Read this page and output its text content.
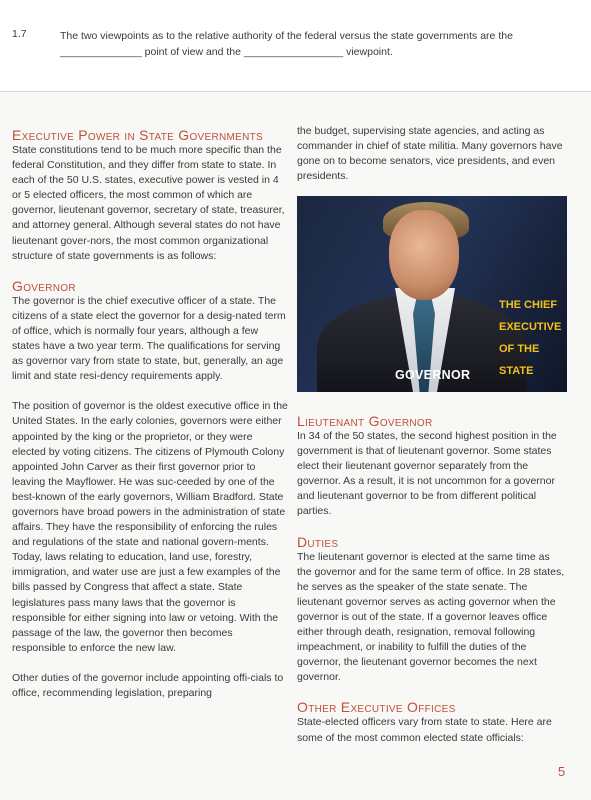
1.7	The two viewpoints as to the relative authority of the federal versus the state governments are the ______________ point of view and the _________________ viewpoint.
Executive Power in State Governments

State constitutions tend to be much more specific than the federal Constitution, and they differ from state to state. In each of the 50 U.S. states, executive power is vested in 4 or 5 elected officers, the most common of which are governor, lieutenant governor, secretary of state, treasurer, and attorney general. Although several states do not have lieutenant gover-nors, the most common organizational structure of state governments is as follows:

Governor

The governor is the chief executive officer of a state. The citizens of a state elect the governor for a desig-nated term of office, which is normally four years, although a few states have a two year term. The qualifications for serving as governor vary from state to state, but, generally, an age limit and state resi-dency requirements apply.

The position of governor is the oldest executive office in the United States. In the early colonies, governors were either appointed by the king or the proprietor, or they were elected by voting citizens. The citizens of Plymouth Colony appointed John Carver as their first governor prior to leaving the Mayflower. He was suc-ceeded by one of the best-known of the early governors, William Bradford. State governors have broad powers in the administration of state affairs. They have the responsibility of enforcing the rules and regulations of the state and national govern-ments. Today, laws relating to education, land use, forestry, immigration, and water use are just a few examples of the bills passed by Congress that affect a state. State legislatures pass many laws that the governor is responsible for either signing into law or vetoing. With the passage of the law, the governor then becomes responsible to enforce the new law.

Other duties of the governor include appointing offi-cials to office, recommending legislation, preparing

the budget, supervising state agencies, and acting as commander in chief of state militia. Many governors have gone on to become senators, vice presidents, and even presidents.

GOVERNOR
THE CHIEF EXECUTIVE OF THE STATE
Lieutenant Governor

In 34 of the 50 states, the second highest position in the government is that of lieutenant governor. Some states elect their lieutenant governor separately from the governor. As a result, it is not uncommon for a governor and lieutenant governor to be from different political parties.

Duties

The lieutenant governor is elected at the same time as the governor and for the same term of office. In 28 states, he serves as the speaker of the state senate. The lieutenant governor serves as acting governor when the governor is out of the state. If a governor leaves office either through death, resignation, removal following impeachment, or inability to fulfill the duties of the governor, the lieutenant governor becomes the next governor.

Other Executive Offices

State-elected officers vary from state to state. Here are some of the most common elected state officials:

5
